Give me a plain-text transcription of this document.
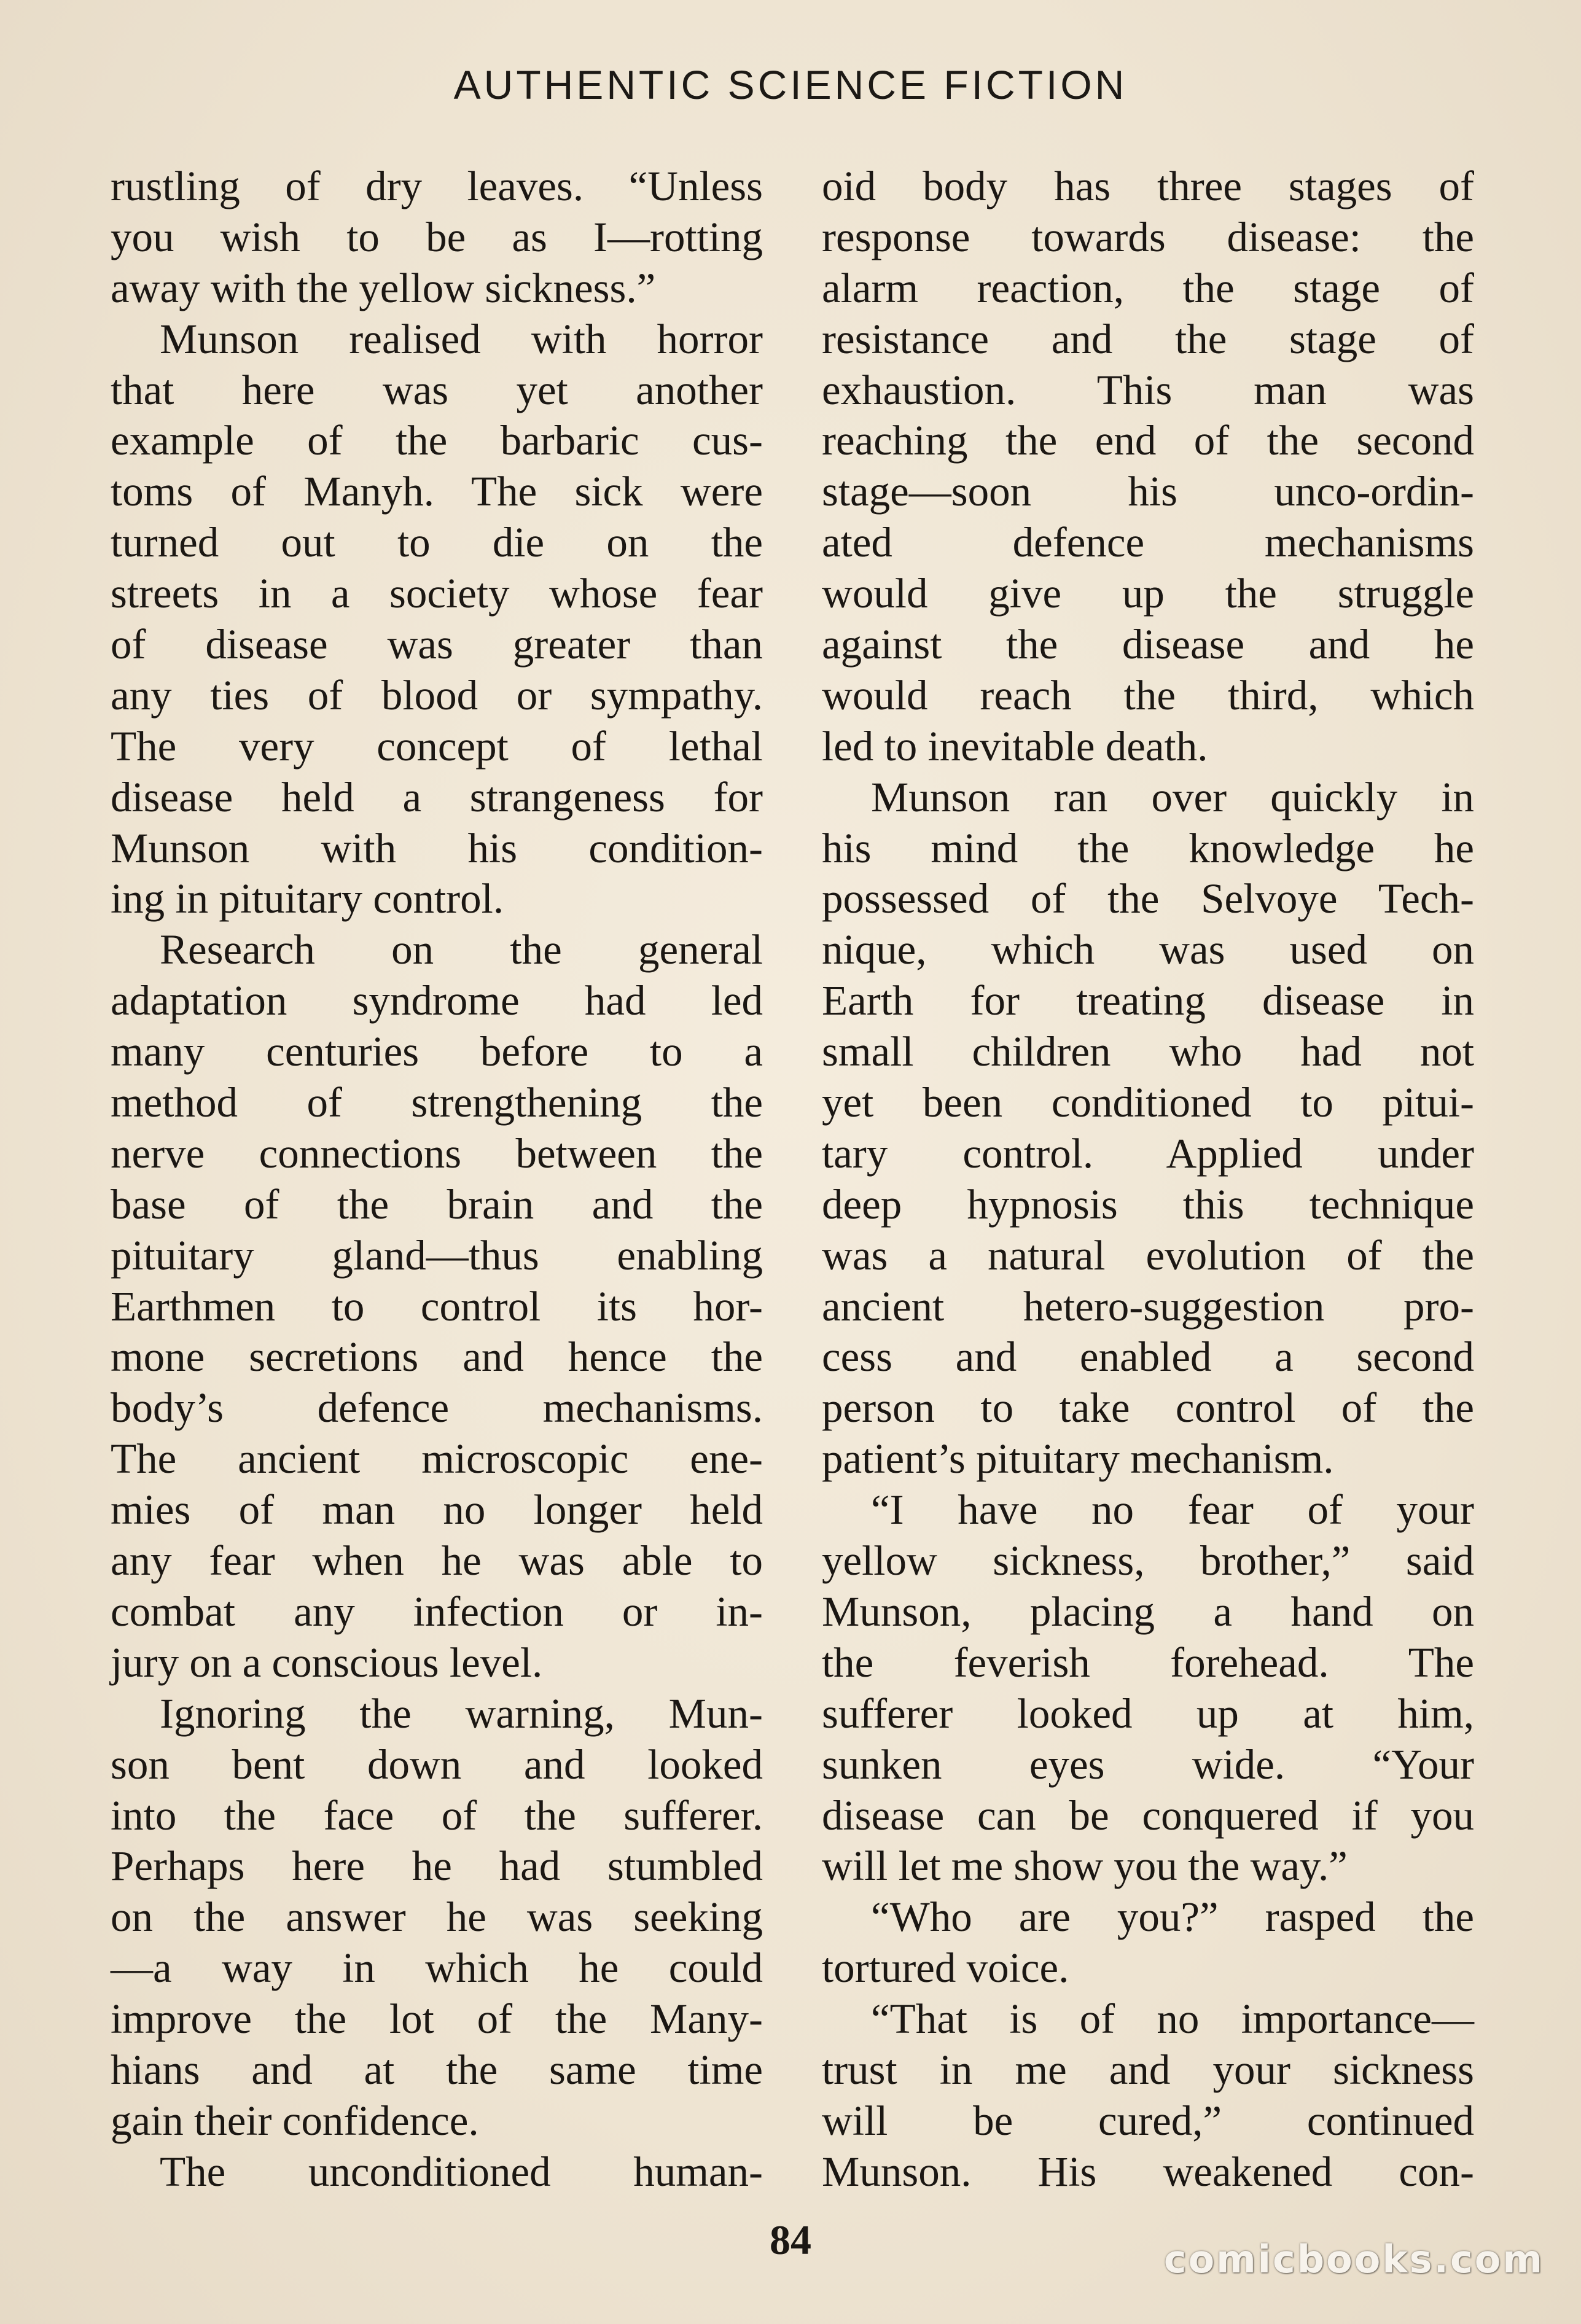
AUTHENTIC SCIENCE FICTION
rustling of dry leaves. “Unless
you wish to be as I—rotting
away with the yellow sickness.”
Munson realised with horror
that here was yet another
example of the barbaric cus-
toms of Manyh. The sick were
turned out to die on the
streets in a society whose fear
of disease was greater than
any ties of blood or sympathy.
The very concept of lethal
disease held a strangeness for
Munson with his condition-
ing in pituitary control.
Research on the general
adaptation syndrome had led
many centuries before to a
method of strengthening the
nerve connections between the
base of the brain and the
pituitary gland—thus enabling
Earthmen to control its hor-
mone secretions and hence the
body’s defence mechanisms.
The ancient microscopic ene-
mies of man no longer held
any fear when he was able to
combat any infection or in-
jury on a conscious level.
Ignoring the warning, Mun-
son bent down and looked
into the face of the sufferer.
Perhaps here he had stumbled
on the answer he was seeking
—a way in which he could
improve the lot of the Many-
hians and at the same time
gain their confidence.
The unconditioned human-
oid body has three stages of
response towards disease: the
alarm reaction, the stage of
resistance and the stage of
exhaustion. This man was
reaching the end of the second
stage—soon his unco-ordin-
ated defence mechanisms
would give up the struggle
against the disease and he
would reach the third, which
led to inevitable death.
Munson ran over quickly in
his mind the knowledge he
possessed of the Selvoye Tech-
nique, which was used on
Earth for treating disease in
small children who had not
yet been conditioned to pitui-
tary control. Applied under
deep hypnosis this technique
was a natural evolution of the
ancient hetero-suggestion pro-
cess and enabled a second
person to take control of the
patient’s pituitary mechanism.
“I have no fear of your
yellow sickness, brother,” said
Munson, placing a hand on
the feverish forehead. The
sufferer looked up at him,
sunken eyes wide. “Your
disease can be conquered if you
will let me show you the way.”
“Who are you?” rasped the
tortured voice.
“That is of no importance—
trust in me and your sickness
will be cured,” continued
Munson. His weakened con-
84	comicbooks.com
